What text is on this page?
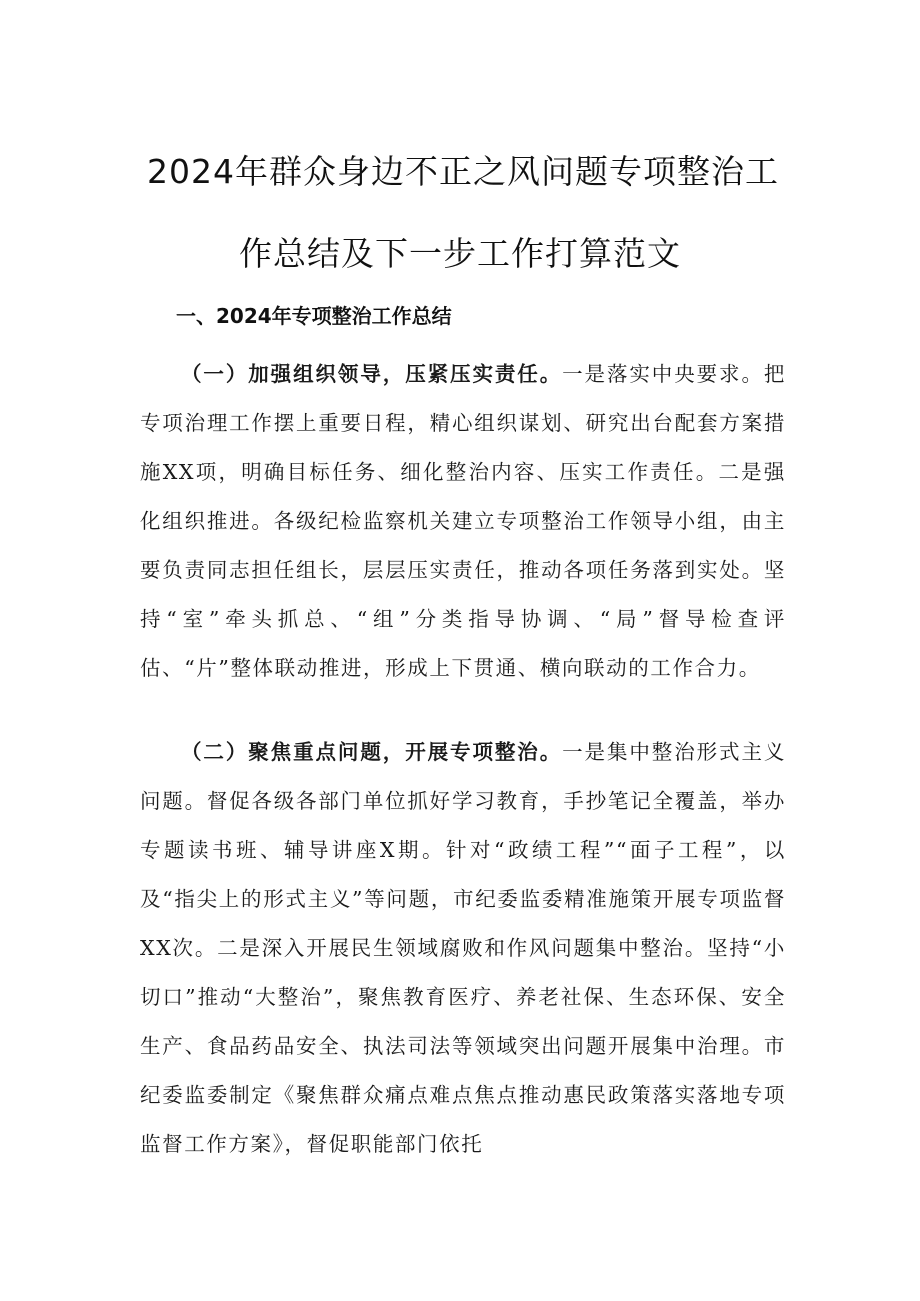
2024年群众身边不正之风问题专项整治工
作总结及下一步工作打算范文
一、2024年专项整治工作总结
（一）加强组织领导，压紧压实责任。一是落实中央要求。把专项治理工作摆上重要日程，精心组织谋划、研究出台配套方案措施XX项，明确目标任务、细化整治内容、压实工作责任。二是强化组织推进。各级纪检监察机关建立专项整治工作领导小组，由主要负责同志担任组长，层层压实责任，推动各项任务落到实处。坚持“室”牵头抓总、“组”分类指导协调、“局”督导检查评估、“片”整体联动推进，形成上下贯通、横向联动的工作合力。
（二）聚焦重点问题，开展专项整治。一是集中整治形式主义问题。督促各级各部门单位抓好学习教育，手抄笔记全覆盖，举办专题读书班、辅导讲座X期。针对“政绩工程”“面子工程”，以及“指尖上的形式主义”等问题，市纪委监委精准施策开展专项监督XX次。二是深入开展民生领域腐败和作风问题集中整治。坚持“小切口”推动“大整治”，聚焦教育医疗、养老社保、生态环保、安全生产、食品药品安全、执法司法等领域突出问题开展集中治理。市纪委监委制定《聚焦群众痛点难点焦点推动惠民政策落实落地专项监督工作方案》，督促职能部门依托
